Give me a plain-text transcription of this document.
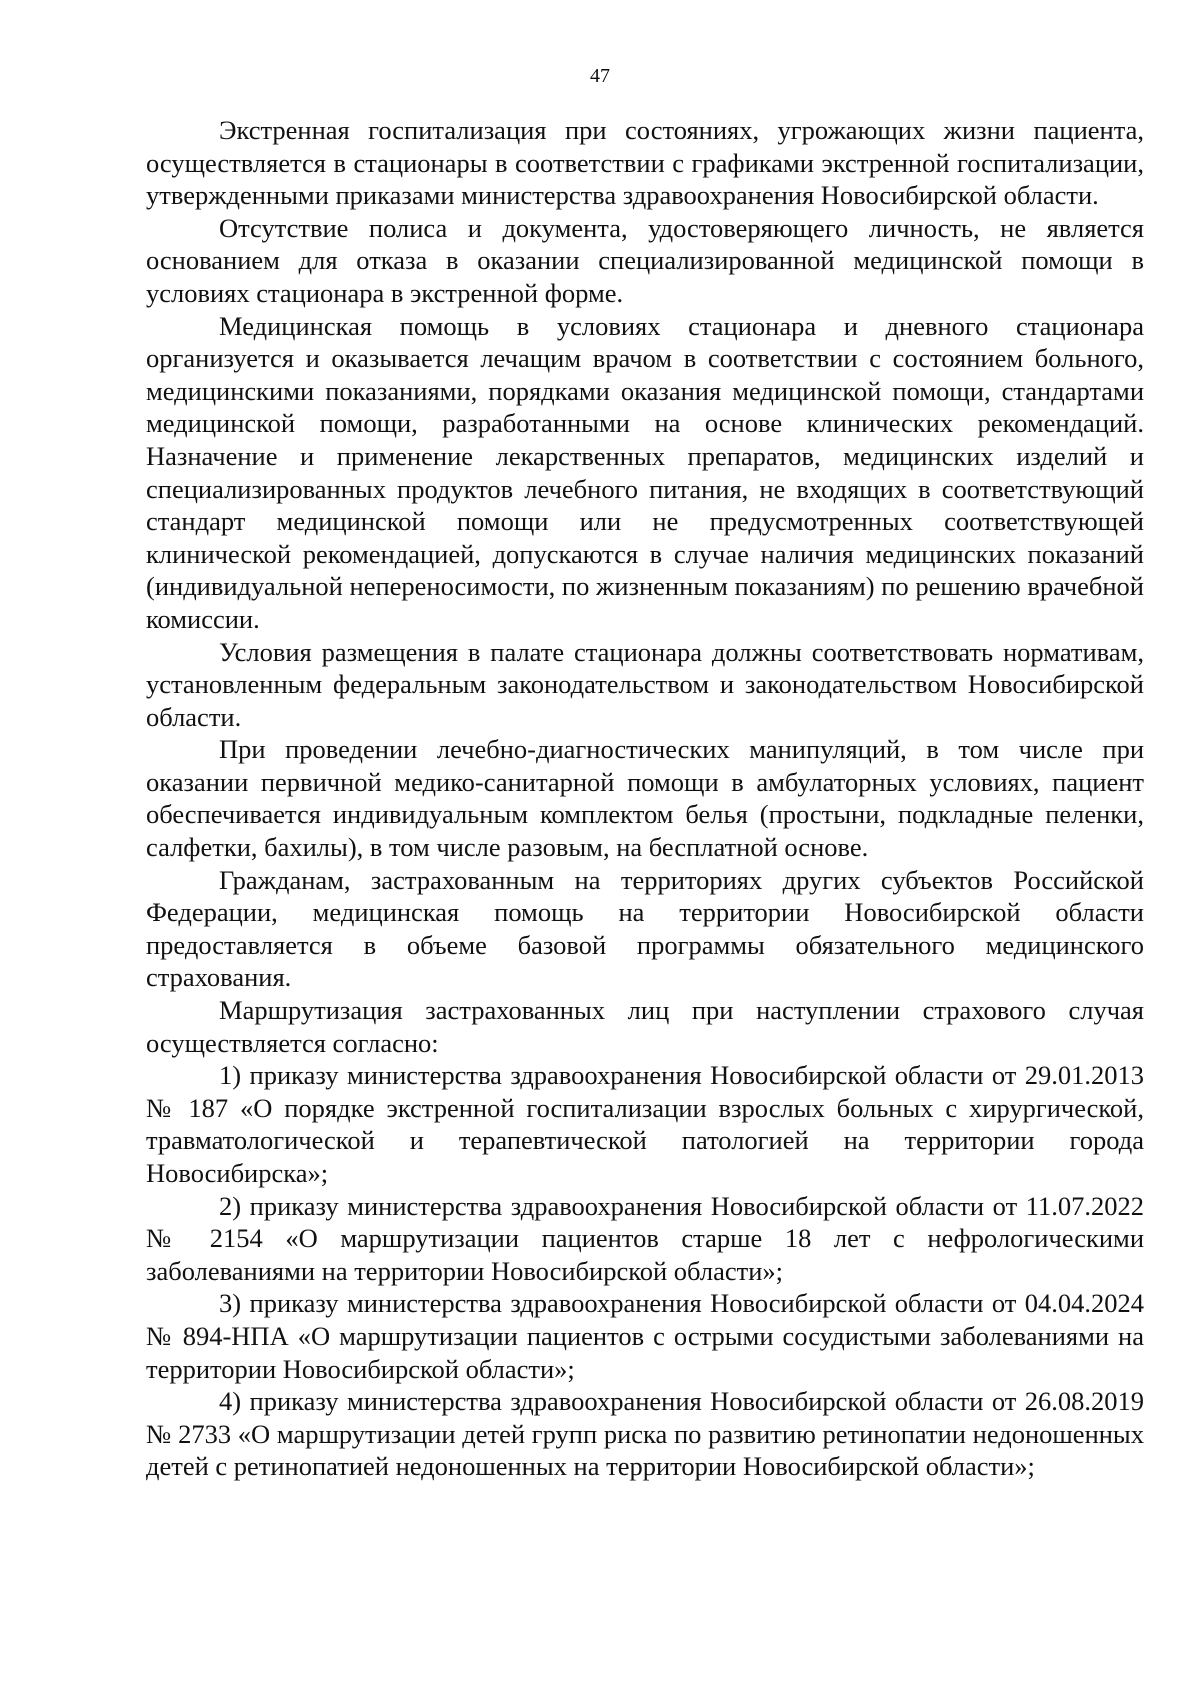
47

Экстренная госпитализация при состояниях, угрожающих жизни пациента, осуществляется в стационары в соответствии с графиками экстренной госпитализации, утвержденными приказами министерства здравоохранения Новосибирской области.

Отсутствие полиса и документа, удостоверяющего личность, не является основанием для отказа в оказании специализированной медицинской помощи в условиях стационара в экстренной форме.

Медицинская помощь в условиях стационара и дневного стационара организуется и оказывается лечащим врачом в соответствии с состоянием больного, медицинскими показаниями, порядками оказания медицинской помощи, стандартами медицинской помощи, разработанными на основе клинических рекомендаций. Назначение и применение лекарственных препаратов, медицинских изделий и специализированных продуктов лечебного питания, не входящих в соответствующий стандарт медицинской помощи или не предусмотренных соответствующей клинической рекомендацией, допускаются в случае наличия медицинских показаний (индивидуальной непереносимости, по жизненным показаниям) по решению врачебной комиссии.

Условия размещения в палате стационара должны соответствовать нормативам, установленным федеральным законодательством и законодательством Новосибирской области.

При проведении лечебно-диагностических манипуляций, в том числе при оказании первичной медико-санитарной помощи в амбулаторных условиях, пациент обеспечивается индивидуальным комплектом белья (простыни, подкладные пеленки, салфетки, бахилы), в том числе разовым, на бесплатной основе.

Гражданам, застрахованным на территориях других субъектов Российской Федерации, медицинская помощь на территории Новосибирской области предоставляется в объеме базовой программы обязательного медицинского страхования.

Маршрутизация застрахованных лиц при наступлении страхового случая осуществляется согласно:

1) приказу министерства здравоохранения Новосибирской области от 29.01.2013 № 187 «О порядке экстренной госпитализации взрослых больных с хирургической, травматологической и терапевтической патологией на территории города Новосибирска»;

2) приказу министерства здравоохранения Новосибирской области от 11.07.2022 № 2154 «О маршрутизации пациентов старше 18 лет с нефрологическими заболеваниями на территории Новосибирской области»;

3) приказу министерства здравоохранения Новосибирской области от 04.04.2024 № 894-НПА «О маршрутизации пациентов с острыми сосудистыми заболеваниями на территории Новосибирской области»;

4) приказу министерства здравоохранения Новосибирской области от 26.08.2019 № 2733 «О маршрутизации детей групп риска по развитию ретинопатии недоношенных детей с ретинопатией недоношенных на территории Новосибирской области»;
